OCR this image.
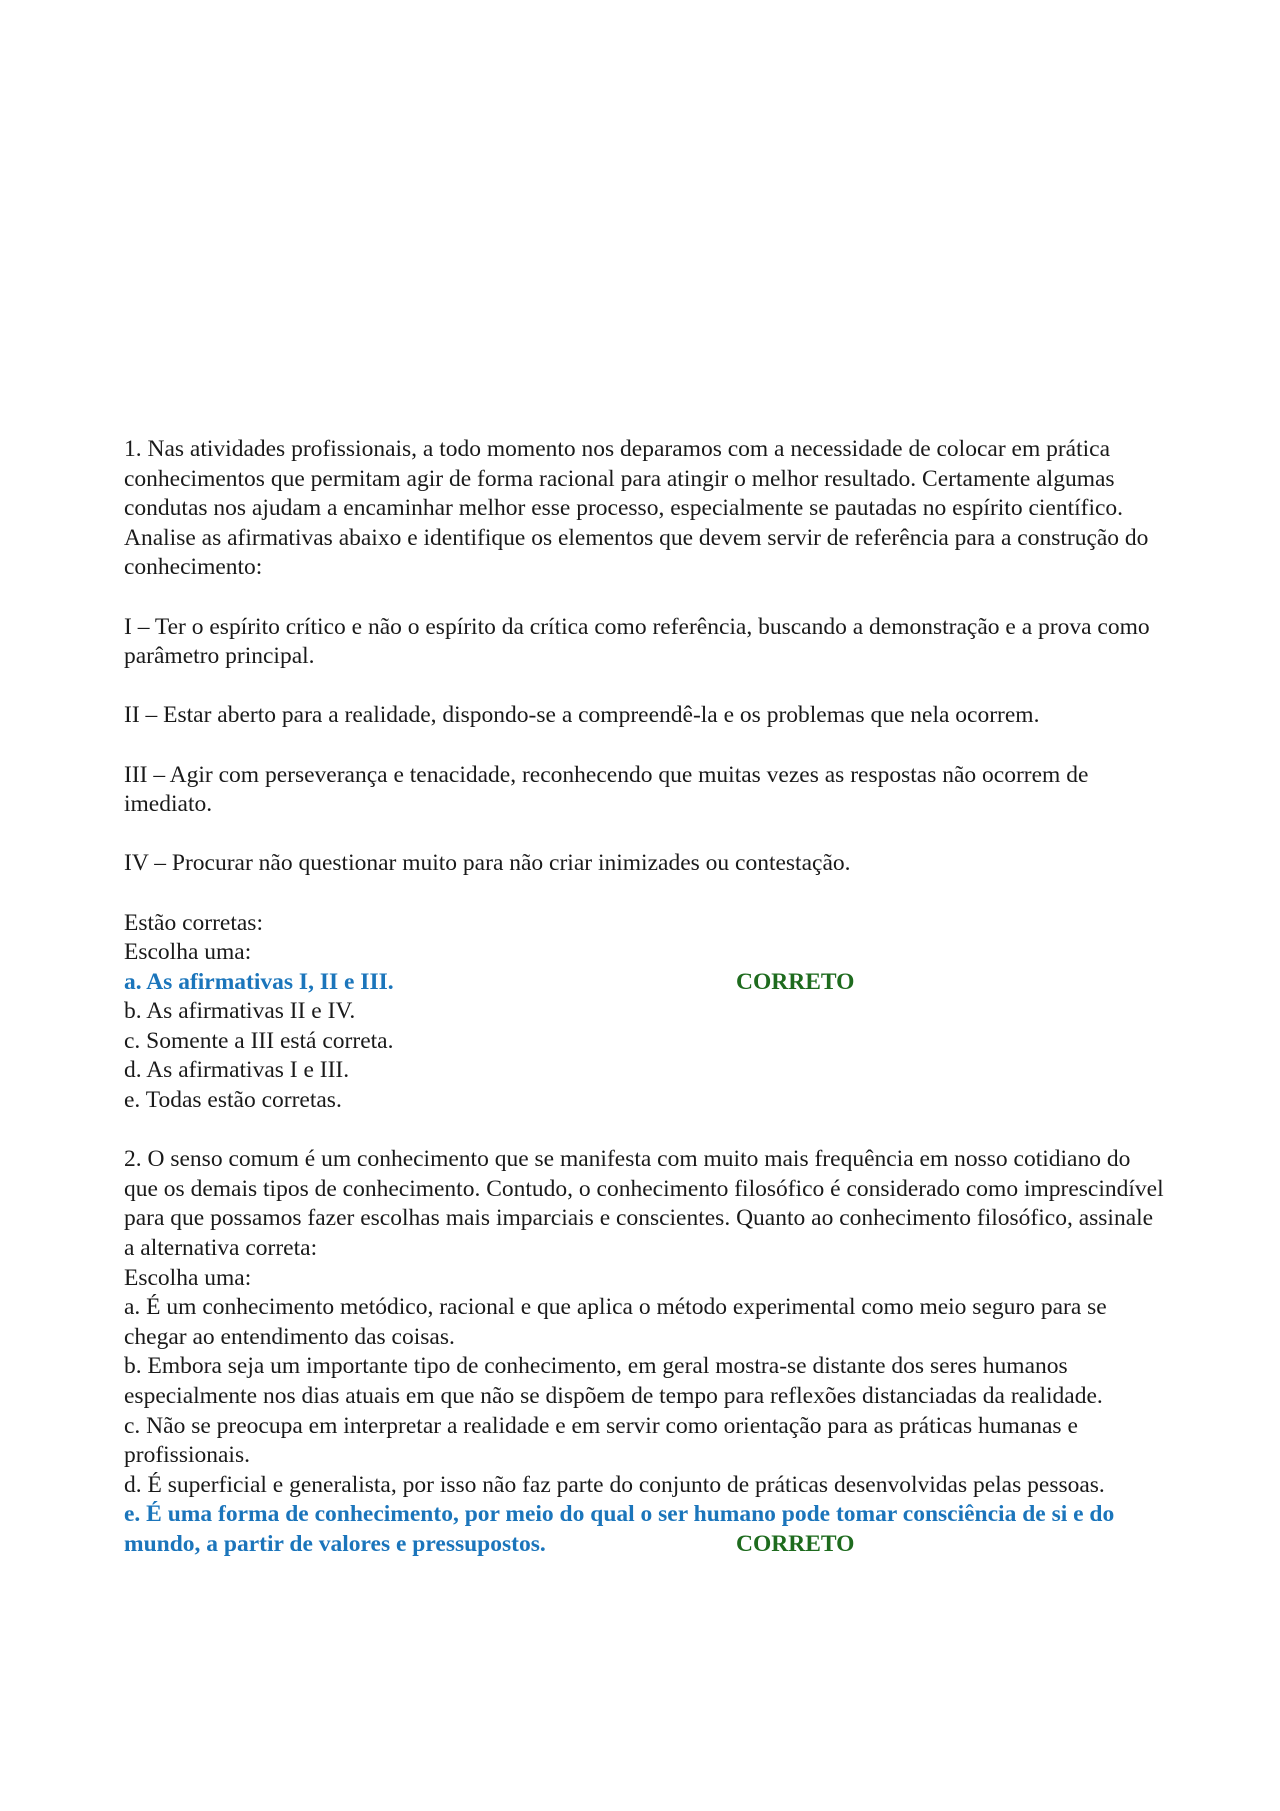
1. Nas atividades profissionais, a todo momento nos deparamos com a necessidade de colocar em prática conhecimentos que permitam agir de forma racional para atingir o melhor resultado. Certamente algumas condutas nos ajudam a encaminhar melhor esse processo, especialmente se pautadas no espírito científico. Analise as afirmativas abaixo e identifique os elementos que devem servir de referência para a construção do conhecimento:

I – Ter o espírito crítico e não o espírito da crítica como referência, buscando a demonstração e a prova como parâmetro principal.

II – Estar aberto para a realidade, dispondo-se a compreendê-la e os problemas que nela ocorrem.

III – Agir com perseverança e tenacidade, reconhecendo que muitas vezes as respostas não ocorrem de imediato.

IV – Procurar não questionar muito para não criar inimizades ou contestação.

Estão corretas:

Escolha uma:

a. As afirmativas I, II e III.	CORRETO

b. As afirmativas II e IV.

c. Somente a III está correta.

d. As afirmativas I e III.

e. Todas estão corretas.

2. O senso comum é um conhecimento que se manifesta com muito mais frequência em nosso cotidiano do que os demais tipos de conhecimento. Contudo, o conhecimento filosófico é considerado como imprescindível para que possamos fazer escolhas mais imparciais e conscientes. Quanto ao conhecimento filosófico, assinale a alternativa correta:

Escolha uma:

a. É um conhecimento metódico, racional e que aplica o método experimental como meio seguro para se chegar ao entendimento das coisas.

b. Embora seja um importante tipo de conhecimento, em geral mostra-se distante dos seres humanos especialmente nos dias atuais em que não se dispõem de tempo para reflexões distanciadas da realidade.

c. Não se preocupa em interpretar a realidade e em servir como orientação para as práticas humanas e profissionais.

d. É superficial e generalista, por isso não faz parte do conjunto de práticas desenvolvidas pelas pessoas.

e. É uma forma de conhecimento, por meio do qual o ser humano pode tomar consciência de si e do mundo, a partir de valores e pressupostos.	CORRETO
